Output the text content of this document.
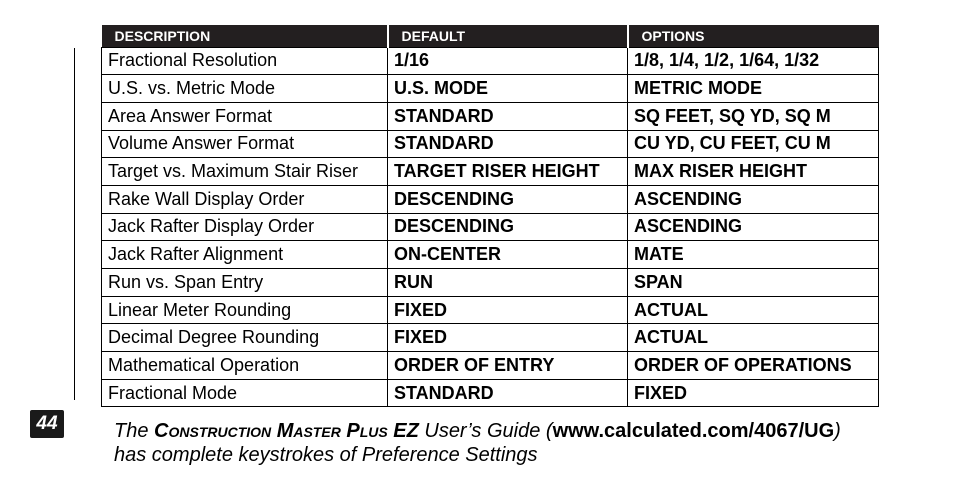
DESCRIPTION	DEFAULT	OPTIONS
Fractional Resolution	1/16	1/8, 1/4, 1/2, 1/64, 1/32
U.S. vs. Metric Mode	U.S. MODE	METRIC MODE
Area Answer Format	STANDARD	SQ FEET, SQ YD, SQ M
Volume Answer Format	STANDARD	CU YD, CU FEET, CU M
Target vs. Maximum Stair Riser	TARGET RISER HEIGHT	MAX RISER HEIGHT
Rake Wall Display Order	DESCENDING	ASCENDING
Jack Rafter Display Order	DESCENDING	ASCENDING
Jack Rafter Alignment	ON-CENTER	MATE
Run vs. Span Entry	RUN	SPAN
Linear Meter Rounding	FIXED	ACTUAL
Decimal Degree Rounding	FIXED	ACTUAL
Mathematical Operation	ORDER OF ENTRY	ORDER OF OPERATIONS
Fractional Mode	STANDARD	FIXED
44	The Construction Master Plus EZ User’s Guide (www.calculated.com/4067/UG)
has complete keystrokes of Preference Settings
